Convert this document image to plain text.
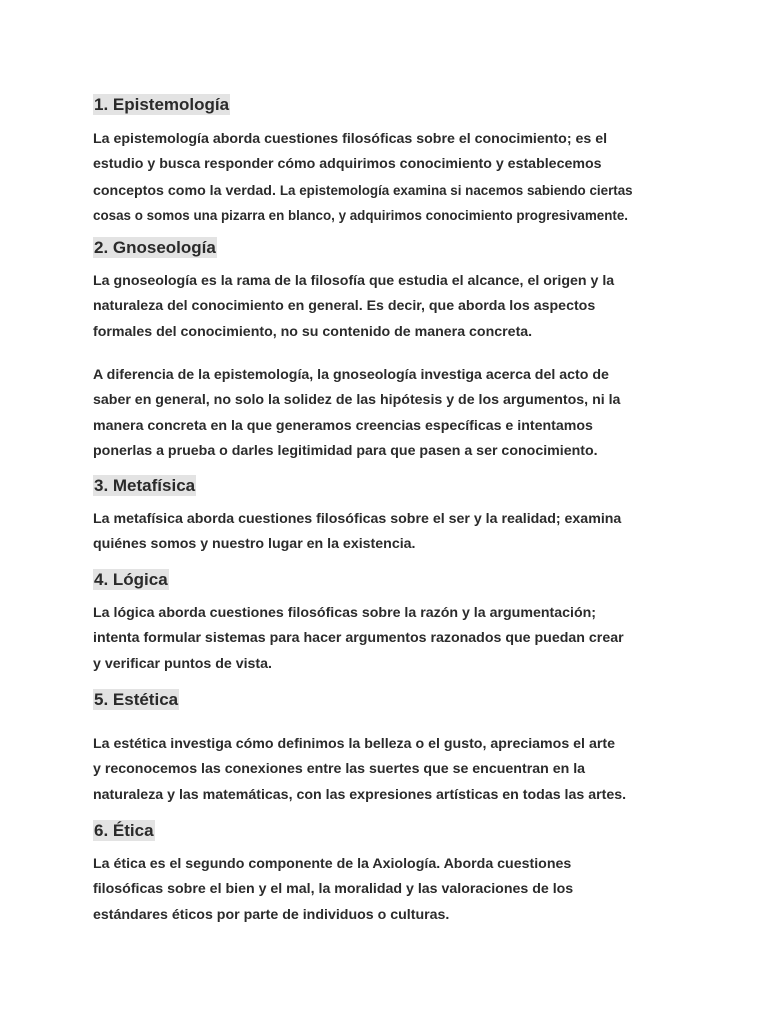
1. Epistemología

La epistemología aborda cuestiones filosóficas sobre el conocimiento; es el
estudio y busca responder cómo adquirimos conocimiento y establecemos
conceptos como la verdad. La epistemología examina si nacemos sabiendo ciertas
cosas o somos una pizarra en blanco, y adquirimos conocimiento progresivamente.

2. Gnoseología

La gnoseología es la rama de la filosofía que estudia el alcance, el origen y la
naturaleza del conocimiento en general. Es decir, que aborda los aspectos
formales del conocimiento, no su contenido de manera concreta.

A diferencia de la epistemología, la gnoseología investiga acerca del acto de
saber en general, no solo la solidez de las hipótesis y de los argumentos, ni la
manera concreta en la que generamos creencias específicas e intentamos
ponerlas a prueba o darles legitimidad para que pasen a ser conocimiento.

3. Metafísica

La metafísica aborda cuestiones filosóficas sobre el ser y la realidad; examina
quiénes somos y nuestro lugar en la existencia.

4. Lógica

La lógica aborda cuestiones filosóficas sobre la razón y la argumentación;
intenta formular sistemas para hacer argumentos razonados que puedan crear
y verificar puntos de vista.

5. Estética

La estética investiga cómo definimos la belleza o el gusto, apreciamos el arte
y reconocemos las conexiones entre las suertes que se encuentran en la
naturaleza y las matemáticas, con las expresiones artísticas en todas las artes.

6. Ética

La ética es el segundo componente de la Axiología. Aborda cuestiones
filosóficas sobre el bien y el mal, la moralidad y las valoraciones de los
estándares éticos por parte de individuos o culturas.
